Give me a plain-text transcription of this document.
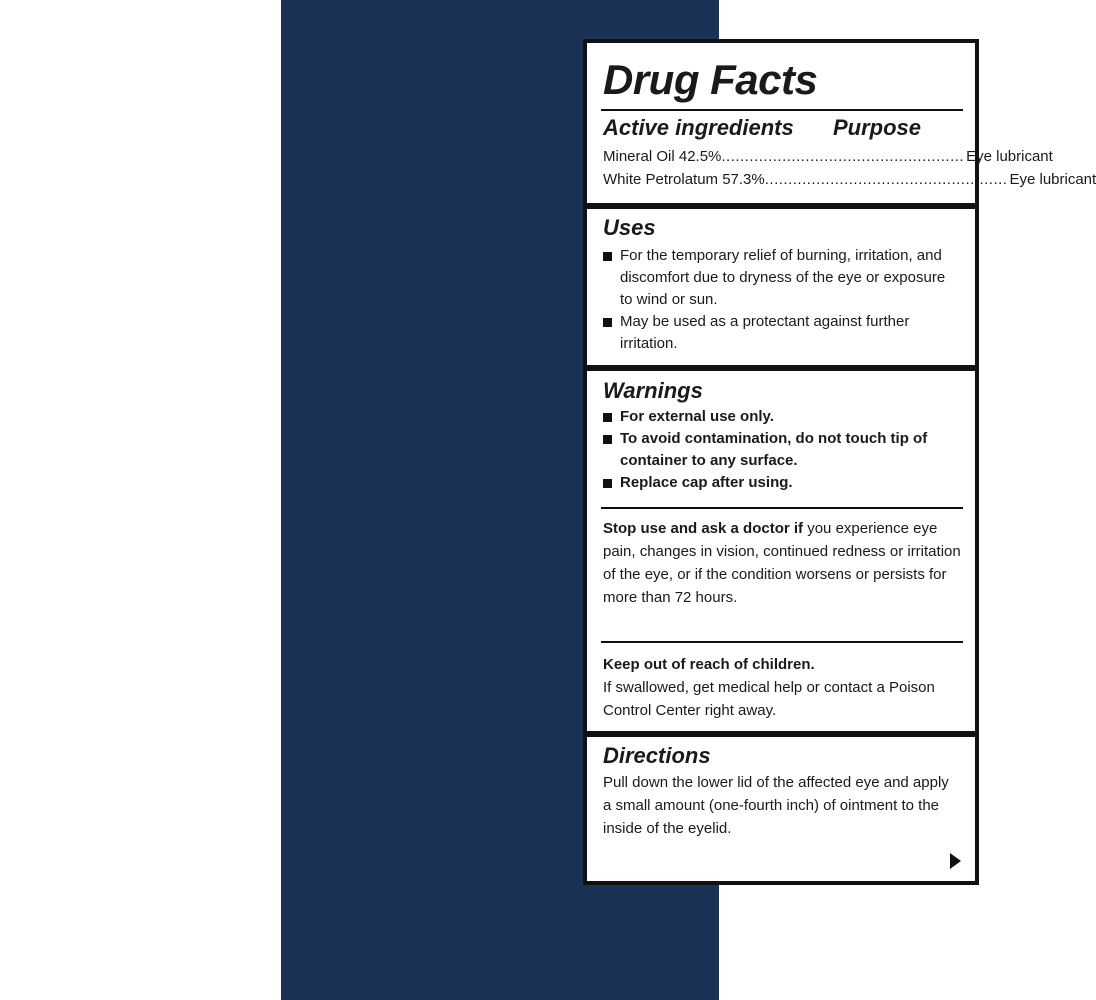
Drug Facts
Active ingredients Purpose
Mineral Oil 42.5% .................................................... Eye lubricant
White Petrolatum 57.3% .................................................... Eye lubricant
Uses
For the temporary relief of burning, irritation, and discomfort due to dryness of the eye or exposure to wind or sun.
May be used as a protectant against further irritation.
Warnings
For external use only.
To avoid contamination, do not touch tip of container to any surface.
Replace cap after using.

Stop use and ask a doctor if you experience eye pain, changes in vision, continued redness or irritation of the eye, or if the condition worsens or persists for more than 72 hours.

Keep out of reach of children.

If swallowed, get medical help or contact a Poison Control Center right away.

Directions

Pull down the lower lid of the affected eye and apply a small amount (one-fourth inch) of ointment to the inside of the eyelid.
